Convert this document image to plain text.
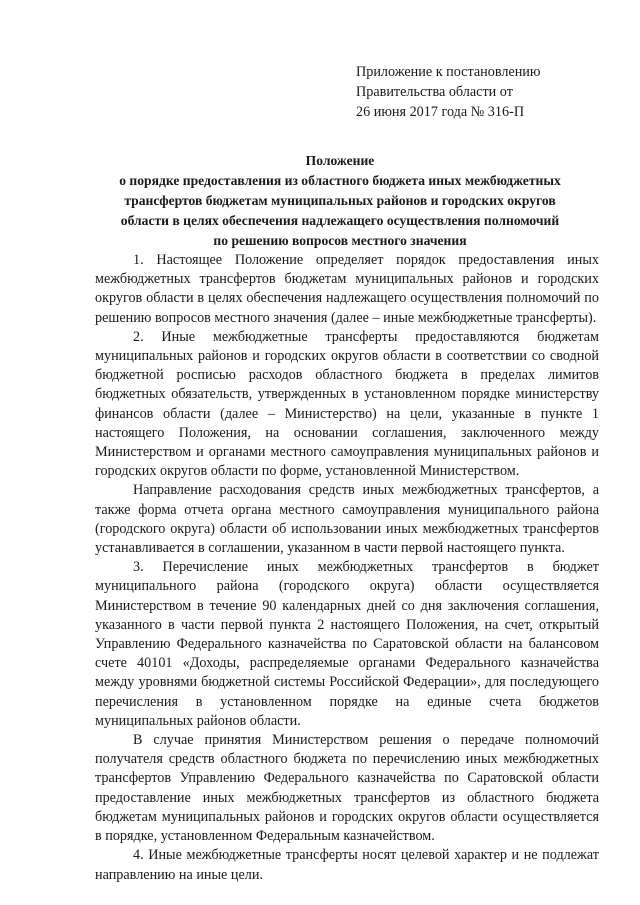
Приложение к постановлению
Правительства области от
26 июня 2017 года № 316-П
Положение
о порядке предоставления из областного бюджета иных межбюджетных
трансфертов бюджетам муниципальных районов и городских округов
области в целях обеспечения надлежащего осуществления полномочий
по решению вопросов местного значения

1. Настоящее Положение определяет порядок предоставления иных межбюджетных трансфертов бюджетам муниципальных районов и городских округов области в целях обеспечения надлежащего осуществления полномочий по решению вопросов местного значения (далее – иные межбюджетные трансферты).

2. Иные межбюджетные трансферты предоставляются бюджетам муниципальных районов и городских округов области в соответствии со сводной бюджетной росписью расходов областного бюджета в пределах лимитов бюджетных обязательств, утвержденных в установленном порядке министерству финансов области (далее – Министерство) на цели, указанные в пункте 1 настоящего Положения, на основании соглашения, заключенного между Министерством и органами местного самоуправления муниципальных районов и городских округов области по форме, установленной Министерством.

Направление расходования средств иных межбюджетных трансфертов, а также форма отчета органа местного самоуправления муниципального района (городского округа) области об использовании иных межбюджетных трансфертов устанавливается в соглашении, указанном в части первой настоящего пункта.

3. Перечисление иных межбюджетных трансфертов в бюджет муниципального района (городского округа) области осуществляется Министерством в течение 90 календарных дней со дня заключения соглашения, указанного в части первой пункта 2 настоящего Положения, на счет, открытый Управлению Федерального казначейства по Саратовской области на балансовом счете 40101 «Доходы, распределяемые органами Федерального казначейства между уровнями бюджетной системы Российской Федерации», для последующего перечисления в установленном порядке на единые счета бюджетов муниципальных районов области.

В случае принятия Министерством решения о передаче полномочий получателя средств областного бюджета по перечислению иных межбюджетных трансфертов Управлению Федерального казначейства по Саратовской области предоставление иных межбюджетных трансфертов из областного бюджета бюджетам муниципальных районов и городских округов области осуществляется в порядке, установленном Федеральным казначейством.

4. Иные межбюджетные трансферты носят целевой характер и не подлежат направлению на иные цели.
